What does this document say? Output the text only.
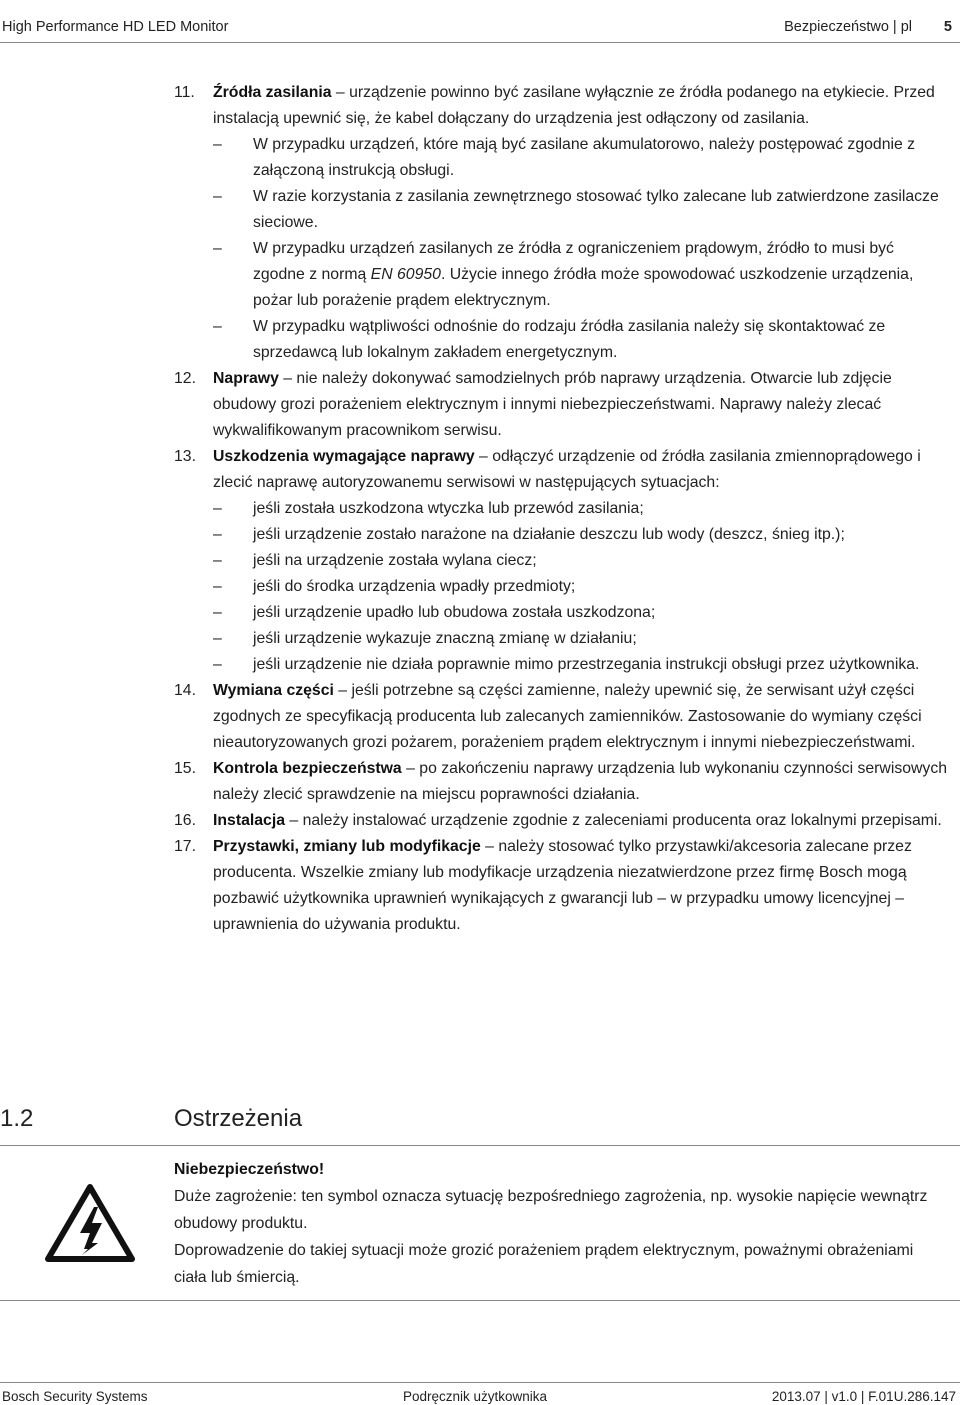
High Performance HD LED Monitor	Bezpieczeństwo | pl 5
11. Źródła zasilania – urządzenie powinno być zasilane wyłącznie ze źródła podanego na etykiecie. Przed instalacją upewnić się, że kabel dołączany do urządzenia jest odłączony od zasilania.
– W przypadku urządzeń, które mają być zasilane akumulatorowo, należy postępować zgodnie z załączoną instrukcją obsługi.
– W razie korzystania z zasilania zewnętrznego stosować tylko zalecane lub zatwierdzone zasilacze sieciowe.
– W przypadku urządzeń zasilanych ze źródła z ograniczeniem prądowym, źródło to musi być zgodne z normą EN 60950. Użycie innego źródła może spowodować uszkodzenie urządzenia, pożar lub porażenie prądem elektrycznym.
– W przypadku wątpliwości odnośnie do rodzaju źródła zasilania należy się skontaktować ze sprzedawcą lub lokalnym zakładem energetycznym.
12. Naprawy – nie należy dokonywać samodzielnych prób naprawy urządzenia. Otwarcie lub zdjęcie obudowy grozi porażeniem elektrycznym i innymi niebezpieczeństwami. Naprawy należy zlecać wykwalifikowanym pracownikom serwisu.
13. Uszkodzenia wymagające naprawy – odłączyć urządzenie od źródła zasilania zmiennoprądowego i zlecić naprawę autoryzowanemu serwisowi w następujących sytuacjach:
– jeśli została uszkodzona wtyczka lub przewód zasilania;
– jeśli urządzenie zostało narażone na działanie deszczu lub wody (deszcz, śnieg itp.);
– jeśli na urządzenie została wylana ciecz;
– jeśli do środka urządzenia wpadły przedmioty;
– jeśli urządzenie upadło lub obudowa została uszkodzona;
– jeśli urządzenie wykazuje znaczną zmianę w działaniu;
– jeśli urządzenie nie działa poprawnie mimo przestrzegania instrukcji obsługi przez użytkownika.
14. Wymiana części – jeśli potrzebne są części zamienne, należy upewnić się, że serwisant użył części zgodnych ze specyfikacją producenta lub zalecanych zamienników. Zastosowanie do wymiany części nieautoryzowanych grozi pożarem, porażeniem prądem elektrycznym i innymi niebezpieczeństwami.
15. Kontrola bezpieczeństwa – po zakończeniu naprawy urządzenia lub wykonaniu czynności serwisowych należy zlecić sprawdzenie na miejscu poprawności działania.
16. Instalacja – należy instalować urządzenie zgodnie z zaleceniami producenta oraz lokalnymi przepisami.
17. Przystawki, zmiany lub modyfikacje – należy stosować tylko przystawki/akcesoria zalecane przez producenta. Wszelkie zmiany lub modyfikacje urządzenia niezatwierdzone przez firmę Bosch mogą pozbawić użytkownika uprawnień wynikających z gwarancji lub – w przypadku umowy licencyjnej – uprawnienia do używania produktu.
1.2	Ostrzeżenia
Niebezpieczeństwo!
Duże zagrożenie: ten symbol oznacza sytuację bezpośredniego zagrożenia, np. wysokie napięcie wewnątrz obudowy produktu.
Doprowadzenie do takiej sytuacji może grozić porażeniem prądem elektrycznym, poważnymi obrażeniami ciała lub śmiercią.
Bosch Security Systems	Podręcznik użytkownika	2013.07 | v1.0 | F.01U.286.147
